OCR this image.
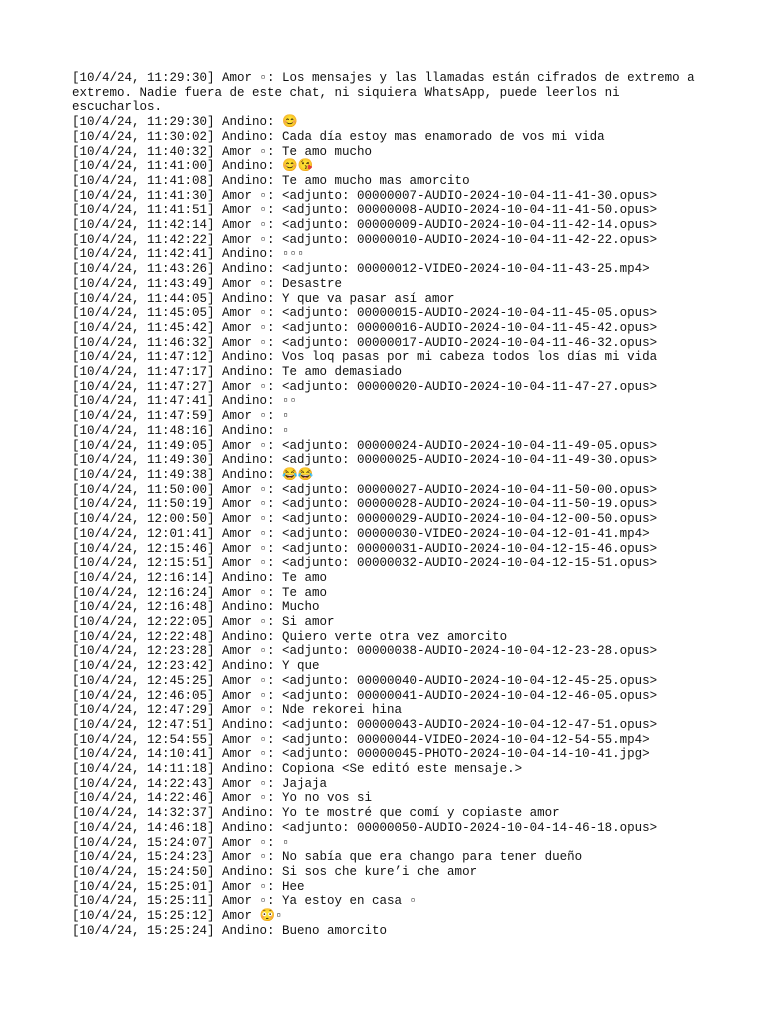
[10/4/24, 11:29:30] Amor ▫: Los mensajes y las llamadas están cifrados de extremo a extremo. Nadie fuera de este chat, ni siquiera WhatsApp, puede leerlos ni escucharlos.
[10/4/24, 11:29:30] Andino: 😊
[10/4/24, 11:30:02] Andino: Cada día estoy mas enamorado de vos mi vida
[10/4/24, 11:40:32] Amor ▫: Te amo mucho
[10/4/24, 11:41:00] Andino: 😊😘
[10/4/24, 11:41:08] Andino: Te amo mucho mas amorcito
[10/4/24, 11:41:30] Amor ▫: <adjunto: 00000007-AUDIO-2024-10-04-11-41-30.opus>
[10/4/24, 11:41:51] Amor ▫: <adjunto: 00000008-AUDIO-2024-10-04-11-41-50.opus>
[10/4/24, 11:42:14] Amor ▫: <adjunto: 00000009-AUDIO-2024-10-04-11-42-14.opus>
[10/4/24, 11:42:22] Amor ▫: <adjunto: 00000010-AUDIO-2024-10-04-11-42-22.opus>
[10/4/24, 11:42:41] Andino: ▫▫▫
[10/4/24, 11:43:26] Andino: <adjunto: 00000012-VIDEO-2024-10-04-11-43-25.mp4>
[10/4/24, 11:43:49] Amor ▫: Desastre
[10/4/24, 11:44:05] Andino: Y que va pasar así amor
[10/4/24, 11:45:05] Amor ▫: <adjunto: 00000015-AUDIO-2024-10-04-11-45-05.opus>
[10/4/24, 11:45:42] Amor ▫: <adjunto: 00000016-AUDIO-2024-10-04-11-45-42.opus>
[10/4/24, 11:46:32] Amor ▫: <adjunto: 00000017-AUDIO-2024-10-04-11-46-32.opus>
[10/4/24, 11:47:12] Andino: Vos loq pasas por mi cabeza todos los días mi vida
[10/4/24, 11:47:17] Andino: Te amo demasiado
[10/4/24, 11:47:27] Amor ▫: <adjunto: 00000020-AUDIO-2024-10-04-11-47-27.opus>
[10/4/24, 11:47:41] Andino: ▫▫
[10/4/24, 11:47:59] Amor ▫: ▫
[10/4/24, 11:48:16] Andino: ▫
[10/4/24, 11:49:05] Amor ▫: <adjunto: 00000024-AUDIO-2024-10-04-11-49-05.opus>
[10/4/24, 11:49:30] Andino: <adjunto: 00000025-AUDIO-2024-10-04-11-49-30.opus>
[10/4/24, 11:49:38] Andino: 😂😂
[10/4/24, 11:50:00] Amor ▫: <adjunto: 00000027-AUDIO-2024-10-04-11-50-00.opus>
[10/4/24, 11:50:19] Amor ▫: <adjunto: 00000028-AUDIO-2024-10-04-11-50-19.opus>
[10/4/24, 12:00:50] Amor ▫: <adjunto: 00000029-AUDIO-2024-10-04-12-00-50.opus>
[10/4/24, 12:01:41] Amor ▫: <adjunto: 00000030-VIDEO-2024-10-04-12-01-41.mp4>
[10/4/24, 12:15:46] Amor ▫: <adjunto: 00000031-AUDIO-2024-10-04-12-15-46.opus>
[10/4/24, 12:15:51] Amor ▫: <adjunto: 00000032-AUDIO-2024-10-04-12-15-51.opus>
[10/4/24, 12:16:14] Andino: Te amo
[10/4/24, 12:16:24] Amor ▫: Te amo
[10/4/24, 12:16:48] Andino: Mucho
[10/4/24, 12:22:05] Amor ▫: Si amor
[10/4/24, 12:22:48] Andino: Quiero verte otra vez amorcito
[10/4/24, 12:23:28] Amor ▫: <adjunto: 00000038-AUDIO-2024-10-04-12-23-28.opus>
[10/4/24, 12:23:42] Andino: Y que
[10/4/24, 12:45:25] Amor ▫: <adjunto: 00000040-AUDIO-2024-10-04-12-45-25.opus>
[10/4/24, 12:46:05] Amor ▫: <adjunto: 00000041-AUDIO-2024-10-04-12-46-05.opus>
[10/4/24, 12:47:29] Amor ▫: Nde rekorei hina
[10/4/24, 12:47:51] Andino: <adjunto: 00000043-AUDIO-2024-10-04-12-47-51.opus>
[10/4/24, 12:54:55] Amor ▫: <adjunto: 00000044-VIDEO-2024-10-04-12-54-55.mp4>
[10/4/24, 14:10:41] Amor ▫: <adjunto: 00000045-PHOTO-2024-10-04-14-10-41.jpg>
[10/4/24, 14:11:18] Andino: Copiona <Se editó este mensaje.>
[10/4/24, 14:22:43] Amor ▫: Jajaja
[10/4/24, 14:22:46] Amor ▫: Yo no vos si
[10/4/24, 14:32:37] Andino: Yo te mostré que comí y copiaste amor
[10/4/24, 14:46:18] Andino: <adjunto: 00000050-AUDIO-2024-10-04-14-46-18.opus>
[10/4/24, 15:24:07] Amor ▫: ▫
[10/4/24, 15:24:23] Amor ▫: No sabía que era chango para tener dueño
[10/4/24, 15:24:50] Andino: Si sos che kure’i che amor
[10/4/24, 15:25:01] Amor ▫: Hee
[10/4/24, 15:25:11] Amor ▫: Ya estoy en casa ▫
[10/4/24, 15:25:12] Amor 😳▫
[10/4/24, 15:25:24] Andino: Bueno amorcito
